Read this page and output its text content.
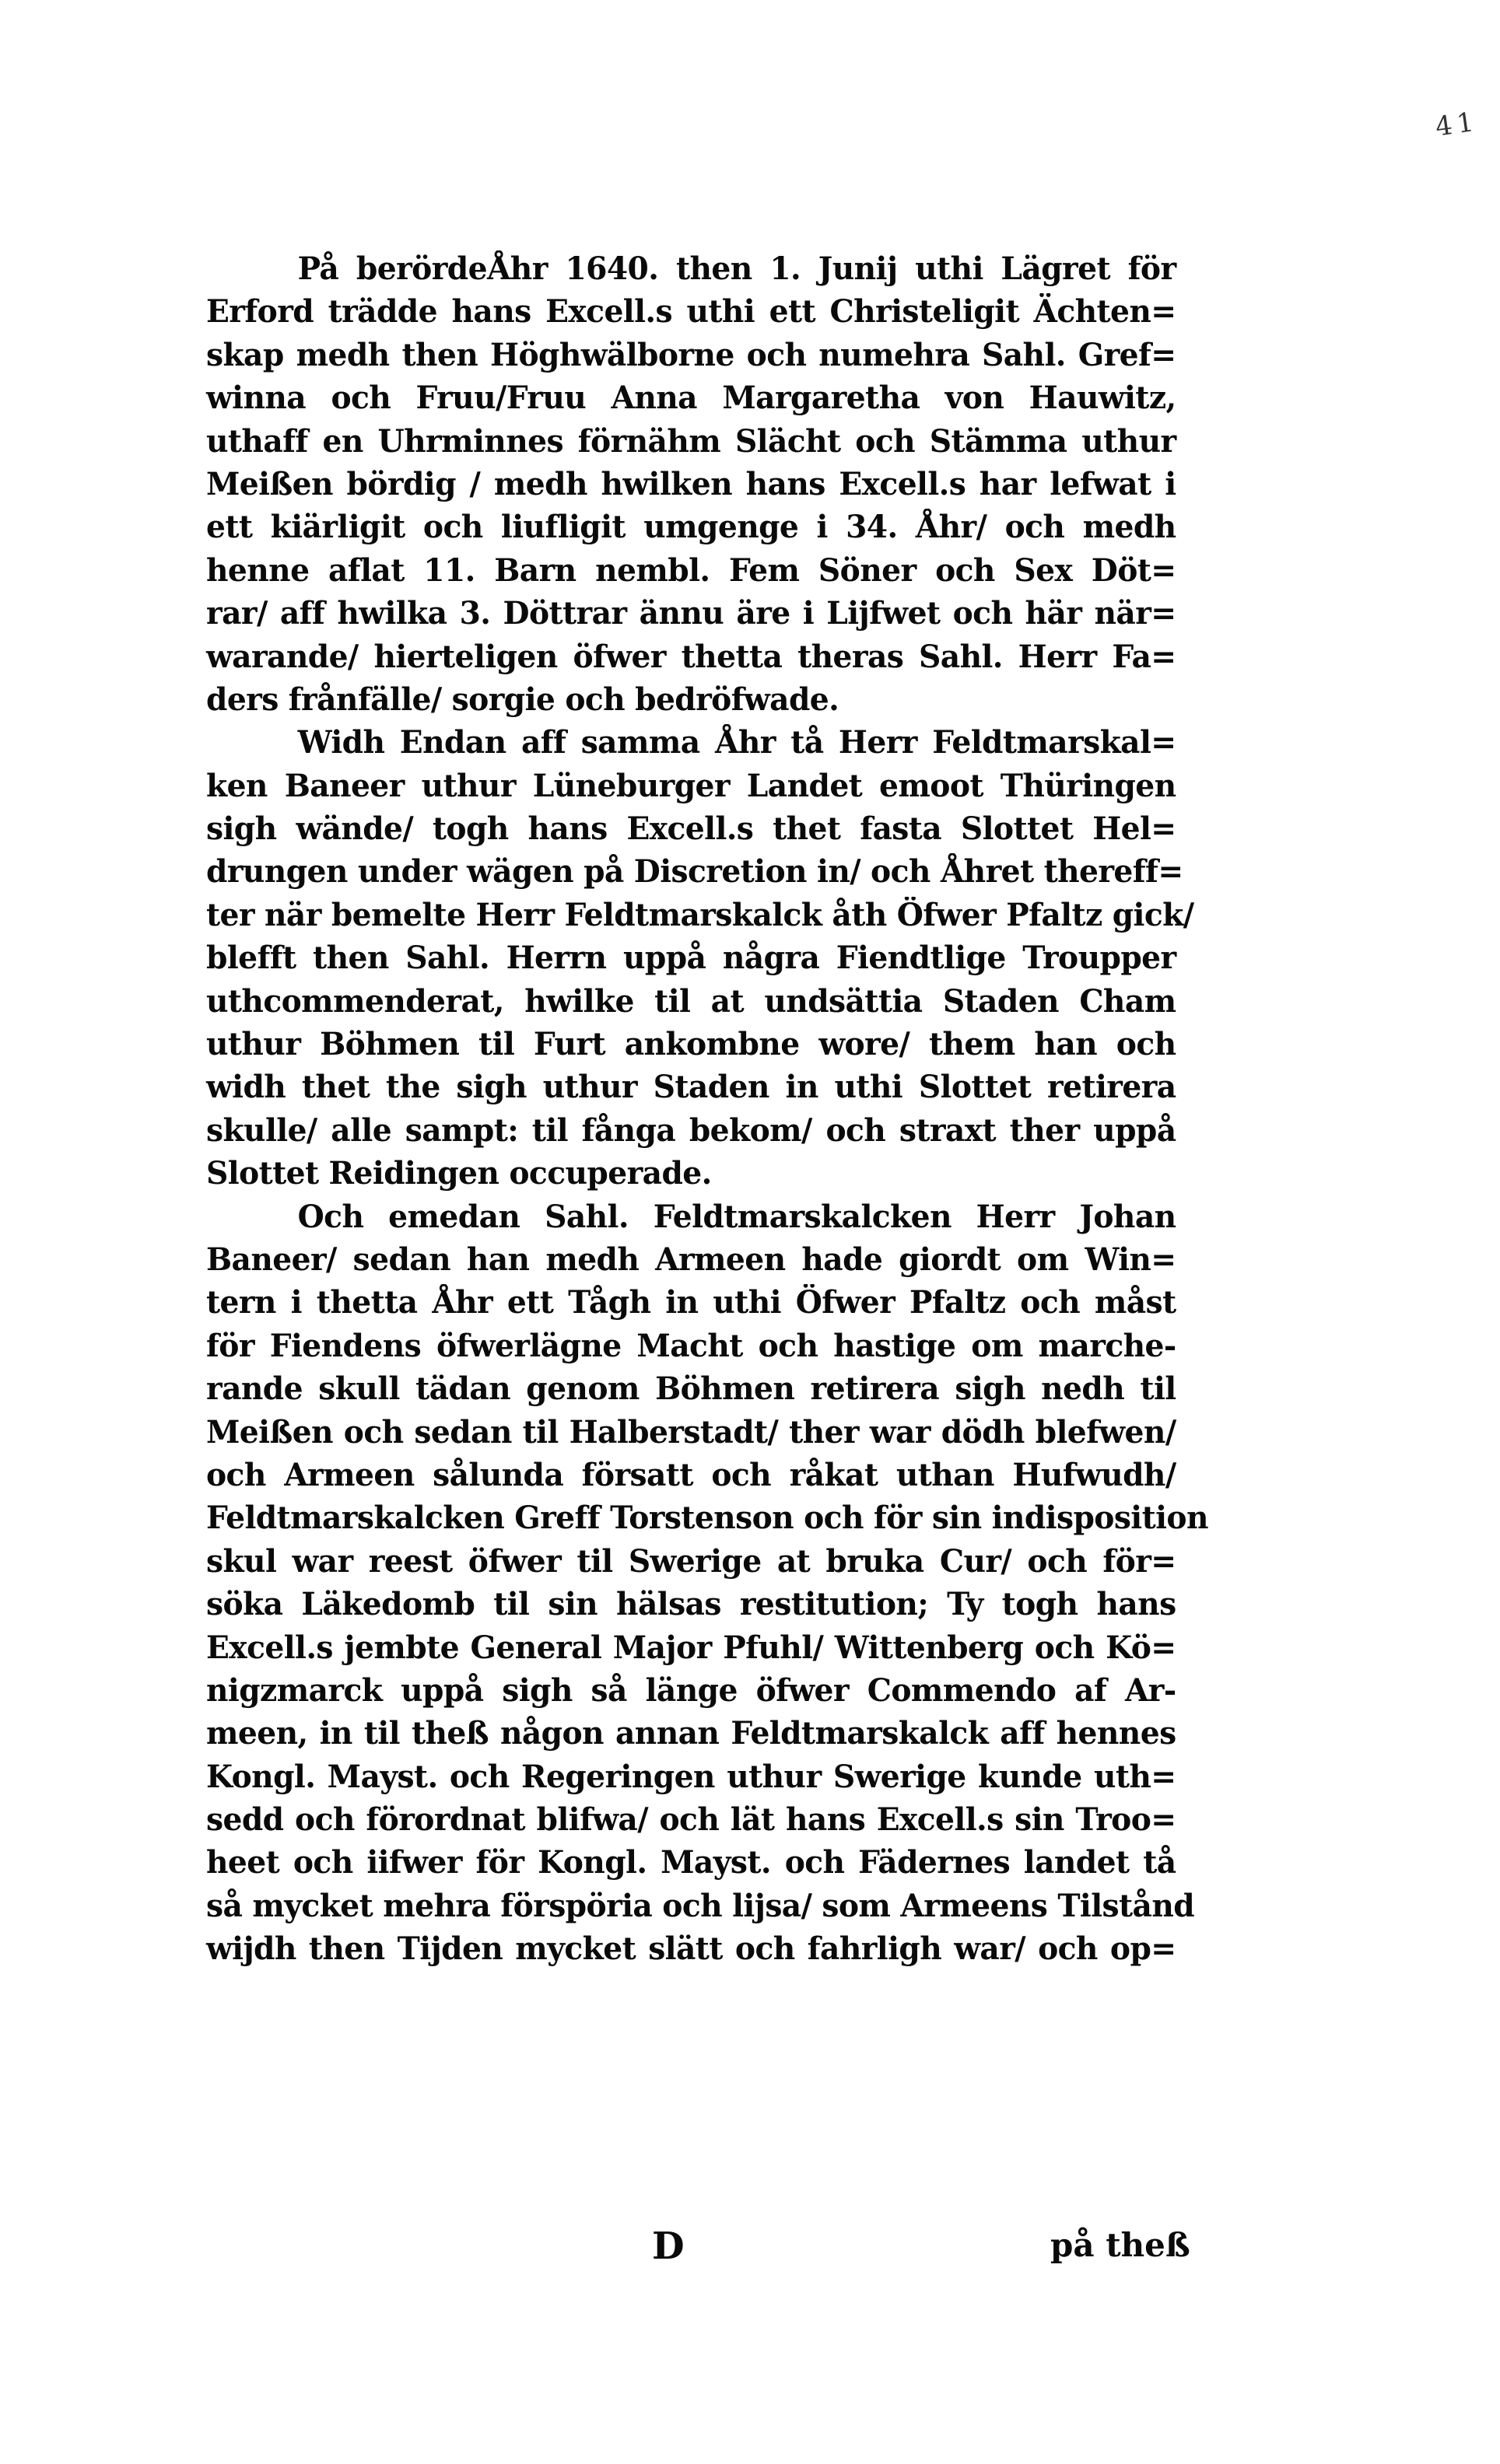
41
På berördeÅhr 1640. then 1. Junij uthi Lägret för
Erford trädde hans Excell.s uthi ett Christeligit Ächten=
skap medh then Höghwälborne och numehra Sahl. Gref=
winna och Fruu/Fruu Anna Margaretha von Hauwitz,
uthaff en Uhrminnes förnähm Slächt och Stämma uthur
Meißen bördig / medh hwilken hans Excell.s har lefwat i
ett kiärligit och liufligit umgenge i 34. Åhr/ och medh
henne aflat 11. Barn nembl. Fem Söner och Sex Döt=
rar/ aff hwilka 3. Döttrar ännu äre i Lijfwet och här när=
warande/ hierteligen öfwer thetta theras Sahl. Herr Fa=
ders frånfälle/ sorgie och bedröfwade.
Widh Endan aff samma Åhr tå Herr Feldtmarskal=
ken Baneer uthur Lüneburger Landet emoot Thüringen
sigh wände/ togh hans Excell.s thet fasta Slottet Hel=
drungen under wägen på Discretion in/ och Åhret thereff=
ter när bemelte Herr Feldtmarskalck åth Öfwer Pfaltz gick/
blefft then Sahl. Herrn uppå några Fiendtlige Troupper
uthcommenderat, hwilke til at undsättia Staden Cham
uthur Böhmen til Furt ankombne wore/ them han och
widh thet the sigh uthur Staden in uthi Slottet retirera
skulle/ alle sampt: til fånga bekom/ och straxt ther uppå
Slottet Reidingen occuperade.
Och emedan Sahl. Feldtmarskalcken Herr Johan
Baneer/ sedan han medh Armeen hade giordt om Win=
tern i thetta Åhr ett Tågh in uthi Öfwer Pfaltz och måst
för Fiendens öfwerlägne Macht och hastige om marche-
rande skull tädan genom Böhmen retirera sigh nedh til
Meißen och sedan til Halberstadt/ ther war dödh blefwen/
och Armeen sålunda försatt och råkat uthan Hufwudh/
Feldtmarskalcken Greff Torstenson och för sin indisposition
skul war reest öfwer til Swerige at bruka Cur/ och för=
söka Läkedomb til sin hälsas restitution; Ty togh hans
Excell.s jembte General Major Pfuhl/ Wittenberg och Kö=
nigzmarck uppå sigh så länge öfwer Commendo af Ar-
meen, in til theß någon annan Feldtmarskalck aff hennes
Kongl. Mayst. och Regeringen uthur Swerige kunde uth=
sedd och förordnat blifwa/ och lät hans Excell.s sin Troo=
heet och iifwer för Kongl. Mayst. och Fädernes landet tå
så mycket mehra förspöria och lijsa/ som Armeens Tilstånd
wijdh then Tijden mycket slätt och fahrligh war/ och op=
D	på theß
